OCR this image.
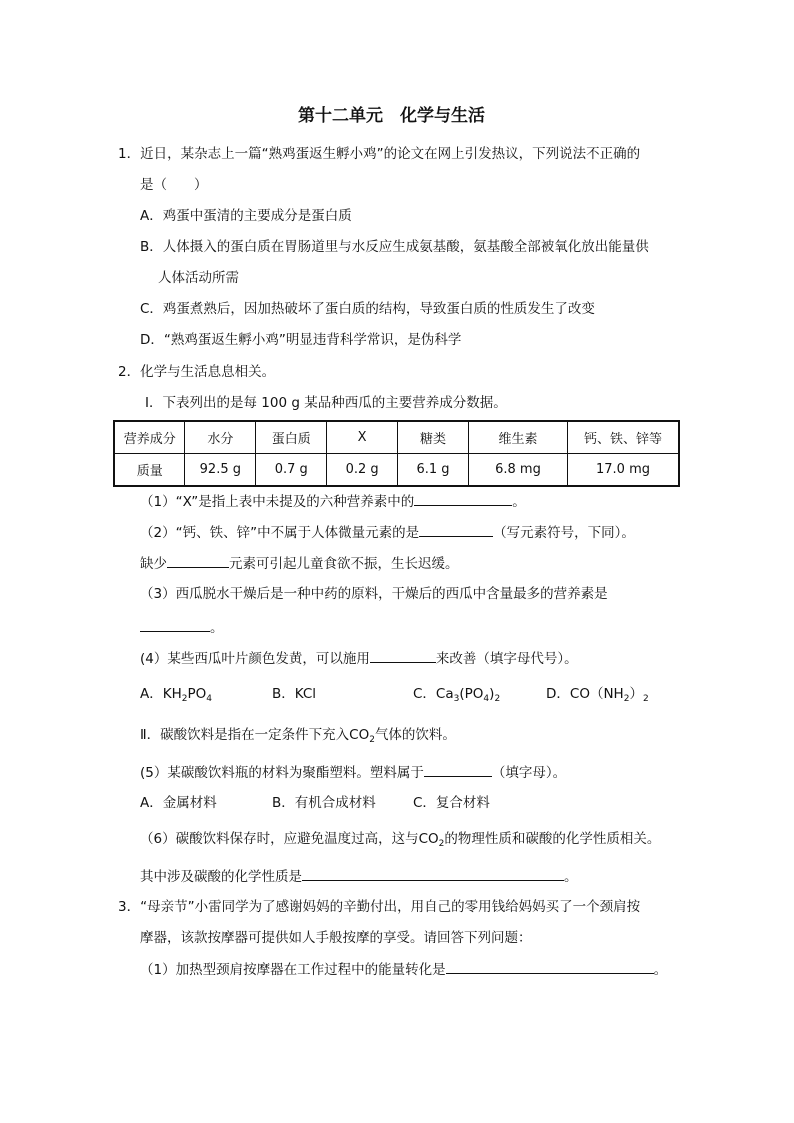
第十二单元　化学与生活
1．近日，某杂志上一篇“熟鸡蛋返生孵小鸡”的论文在网上引发热议，下列说法不正确的
是（　　）
A．鸡蛋中蛋清的主要成分是蛋白质
B．人体摄入的蛋白质在胃肠道里与水反应生成氨基酸，氨基酸全部被氧化放出能量供
人体活动所需
C．鸡蛋煮熟后，因加热破坏了蛋白质的结构，导致蛋白质的性质发生了改变
D．“熟鸡蛋返生孵小鸡”明显违背科学常识，是伪科学
2．化学与生活息息相关。
Ⅰ．下表列出的是每 100 g 某品种西瓜的主要营养成分数据。
营养成分	水分	蛋白质	X	糖类	维生素	钙、铁、锌等
质量	92.5 g	0.7 g	0.2 g	6.1 g	6.8 mg	17.0 mg
（1）“X”是指上表中未提及的六种营养素中的	。
（2）“钙、铁、锌”中不属于人体微量元素的是	（写元素符号，下同）。
缺少	元素可引起儿童食欲不振，生长迟缓。
（3）西瓜脱水干燥后是一种中药的原料，干燥后的西瓜中含量最多的营养素是
。
(4）某些西瓜叶片颜色发黄，可以施用	来改善（填字母代号）。
A．$KH_2PO_4$	B．KCl	C．$Ca_3(PO_4)_2$	D．$CO(NH_2)_2$
Ⅱ．碳酸饮料是指在一定条件下充入$CO_2$气体的饮料。
(5）某碳酸饮料瓶的材料为聚酯塑料。塑料属于	（填字母）。
A．金属材料	B．有机合成材料	C．复合材料
（6）碳酸饮料保存时，应避免温度过高，这与$CO_2$的物理性质和碳酸的化学性质相关。
其中涉及碳酸的化学性质是	。
3．“母亲节”小雷同学为了感谢妈妈的辛勤付出，用自己的零用钱给妈妈买了一个颈肩按
摩器，该款按摩器可提供如人手般按摩的享受。请回答下列问题：
（1）加热型颈肩按摩器在工作过程中的能量转化是	。
